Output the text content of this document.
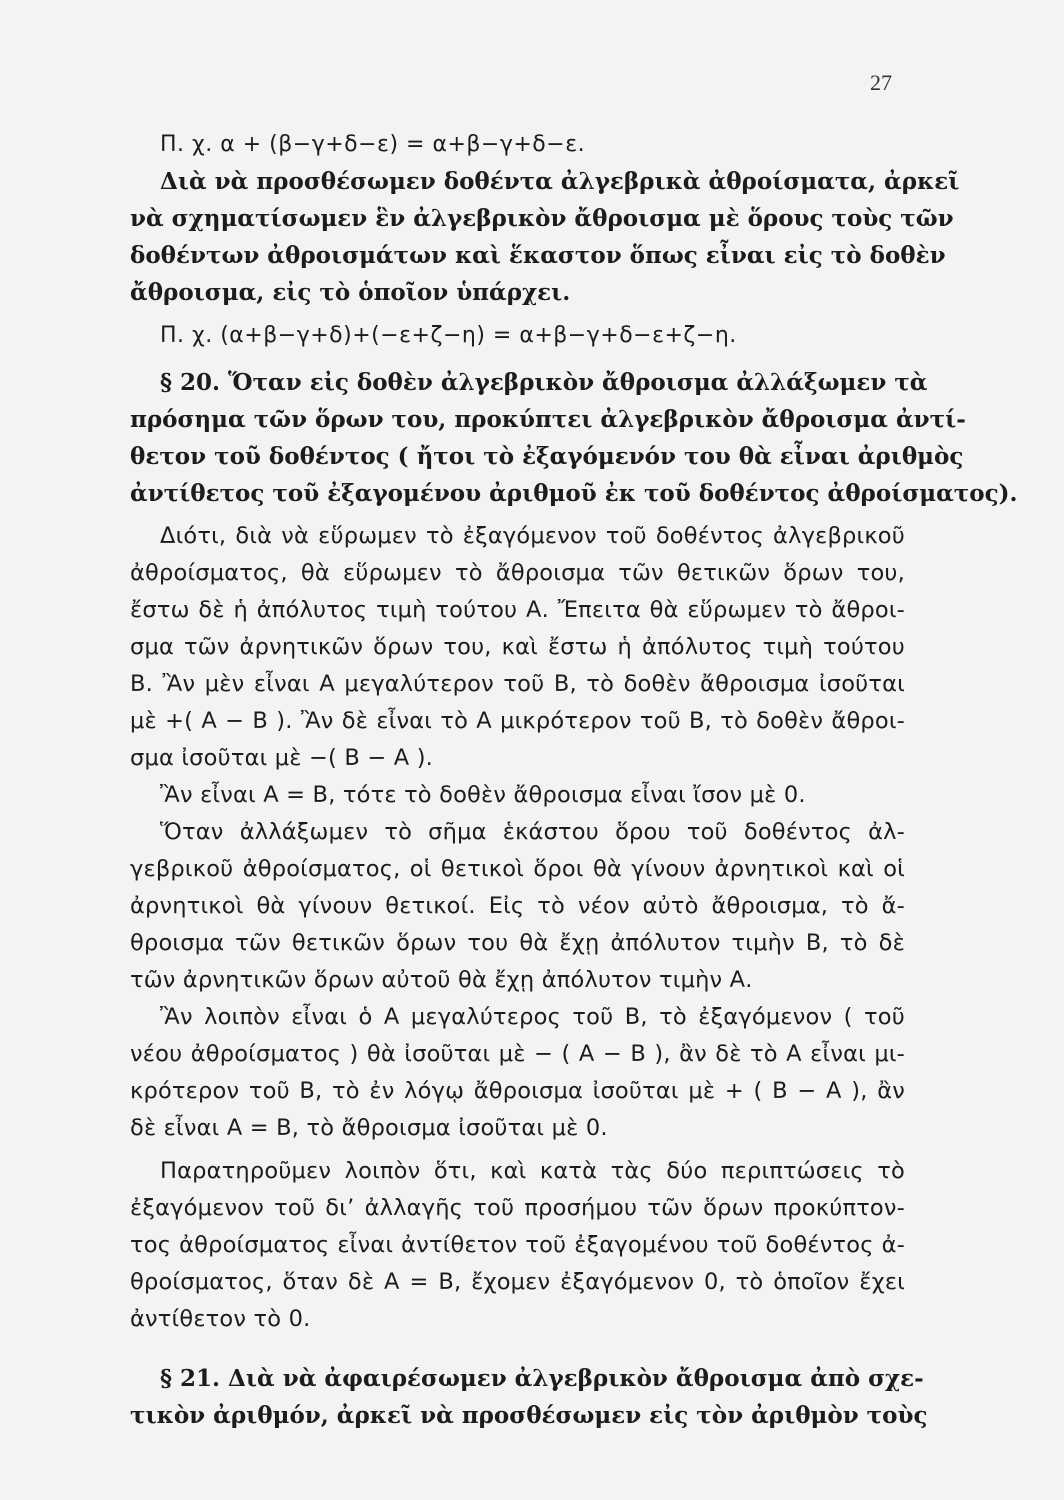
27

Π. χ. α + (β−γ+δ−ε) = α+β−γ+δ−ε.

Διὰ νὰ προσθέσωμεν δοθέντα ἀλγεβρικὰ ἀθροίσματα, ἀρκεῖ

νὰ σχηματίσωμεν ἓν ἀλγεβρικὸν ἄθροισμα μὲ ὅρους τοὺς τῶν

δοθέντων ἀθροισμάτων καὶ ἕκαστον ὅπως εἶναι εἰς τὸ δοθὲν

ἄθροισμα, εἰς τὸ ὁποῖον ὑπάρχει.

Π. χ. (α+β−γ+δ)+(−ε+ζ−η) = α+β−γ+δ−ε+ζ−η.

§ 20. Ὅταν εἰς δοθὲν ἀλγεβρικὸν ἄθροισμα ἀλλάξωμεν τὰ

πρόσημα τῶν ὅρων του, προκύπτει ἀλγεβρικὸν ἄθροισμα ἀντί-

θετον τοῦ δοθέντος ( ἤτοι τὸ ἐξαγόμενόν του θὰ εἶναι ἀριθμὸς

ἀντίθετος τοῦ ἐξαγομένου ἀριθμοῦ ἐκ τοῦ δοθέντος ἀθροίσματος).

Διότι, διὰ νὰ εὕρωμεν τὸ ἐξαγόμενον τοῦ δοθέντος ἀλγεβρικοῦ

ἀθροίσματος, θὰ εὕρωμεν τὸ ἄθροισμα τῶν θετικῶν ὅρων του,

ἔστω δὲ ἡ ἀπόλυτος τιμὴ τούτου Α. Ἔπειτα θὰ εὕρωμεν τὸ ἄθροι-

σμα τῶν ἀρνητικῶν ὅρων του, καὶ ἔστω ἡ ἀπόλυτος τιμὴ τούτου

Β. Ἂν μὲν εἶναι Α μεγαλύτερον τοῦ Β, τὸ δοθὲν ἄθροισμα ἰσοῦται

μὲ +( Α − Β ). Ἂν δὲ εἶναι τὸ Α μικρότερον τοῦ Β, τὸ δοθὲν ἄθροι-

σμα ἰσοῦται μὲ −( Β − Α ).

Ἂν εἶναι Α = Β, τότε τὸ δοθὲν ἄθροισμα εἶναι ἴσον μὲ 0.

Ὅταν ἀλλάξωμεν τὸ σῆμα ἑκάστου ὅρου τοῦ δοθέντος ἀλ-

γεβρικοῦ ἀθροίσματος, οἱ θετικοὶ ὅροι θὰ γίνουν ἀρνητικοὶ καὶ οἱ

ἀρνητικοὶ θὰ γίνουν θετικοί. Εἰς τὸ νέον αὐτὸ ἄθροισμα, τὸ ἄ-

θροισμα τῶν θετικῶν ὅρων του θὰ ἔχῃ ἀπόλυτον τιμὴν Β, τὸ δὲ

τῶν ἀρνητικῶν ὅρων αὐτοῦ θὰ ἔχῃ ἀπόλυτον τιμὴν Α.

Ἂν λοιπὸν εἶναι ὁ Α μεγαλύτερος τοῦ Β, τὸ ἐξαγόμενον ( τοῦ

νέου ἀθροίσματος ) θὰ ἰσοῦται μὲ − ( Α − Β ), ἂν δὲ τὸ Α εἶναι μι-

κρότερον τοῦ Β, τὸ ἐν λόγῳ ἄθροισμα ἰσοῦται μὲ + ( Β − Α ), ἂν

δὲ εἶναι Α = Β, τὸ ἄθροισμα ἰσοῦται μὲ 0.

Παρατηροῦμεν λοιπὸν ὅτι, καὶ κατὰ τὰς δύο περιπτώσεις τὸ

ἐξαγόμενον τοῦ δι’ ἀλλαγῆς τοῦ προσήμου τῶν ὅρων προκύπτον-

τος ἀθροίσματος εἶναι ἀντίθετον τοῦ ἐξαγομένου τοῦ δοθέντος ἀ-

θροίσματος, ὅταν δὲ Α = Β, ἔχομεν ἐξαγόμενον 0, τὸ ὁποῖον ἔχει

ἀντίθετον τὸ 0.

§ 21. Διὰ νὰ ἀφαιρέσωμεν ἀλγεβρικὸν ἄθροισμα ἀπὸ σχε-

τικὸν ἀριθμόν, ἀρκεῖ νὰ προσθέσωμεν εἰς τὸν ἀριθμὸν τοὺς
